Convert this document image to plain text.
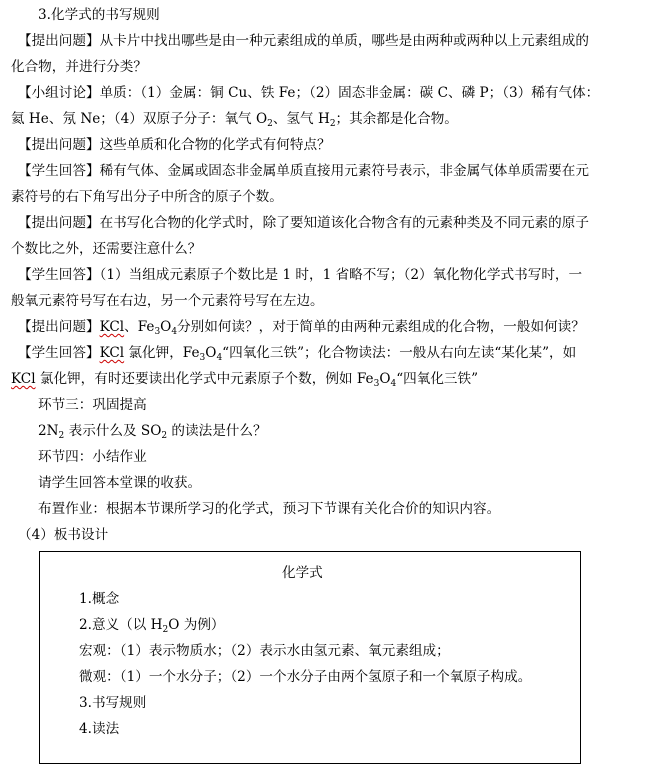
3.化学式的书写规则
【提出问题】从卡片中找出哪些是由一种元素组成的单质，哪些是由两种或两种以上元素组成的
化合物，并进行分类？
【小组讨论】单质：（1）金属：铜 Cu、铁 Fe；（2）固态非金属：碳 C、磷 P；（3）稀有气体：
氦 He、氖 Ne；（4）双原子分子：氧气 $O_2$、氢气 $H_2$；其余都是化合物。
【提出问题】这些单质和化合物的化学式有何特点？
【学生回答】稀有气体、金属或固态非金属单质直接用元素符号表示，非金属气体单质需要在元
素符号的右下角写出分子中所含的原子个数。
【提出问题】在书写化合物的化学式时，除了要知道该化合物含有的元素种类及不同元素的原子
个数比之外，还需要注意什么？
【学生回答】（1）当组成元素原子个数比是 1 时，1 省略不写；（2）氧化物化学式书写时，一
般氧元素符号写在右边，另一个元素符号写在左边。
【提出问题】KCl、$Fe_3O_4$分别如何读？，对于简单的由两种元素组成的化合物，一般如何读？
【学生回答】KCl 氯化钾，$Fe_3O_4“$四氧化三铁”；化合物读法：一般从右向左读“某化某”，如
KCl 氯化钾，有时还要读出化学式中元素原子个数，例如 $Fe_3O_4“$四氧化三铁”
环节三：巩固提高
$2N_2$ 表示什么及 $SO_2$ 的读法是什么？
环节四：小结作业
请学生回答本堂课的收获。
布置作业：根据本节课所学习的化学式，预习下节课有关化合价的知识内容。
（4）板书设计
化学式
1.概念
2.意义（以 $H_2O$ 为例）
宏观：（1）表示物质水；（2）表示水由氢元素、氧元素组成；
微观：（1）一个水分子；（2）一个水分子由两个氢原子和一个氧原子构成。
3.书写规则
4.读法
